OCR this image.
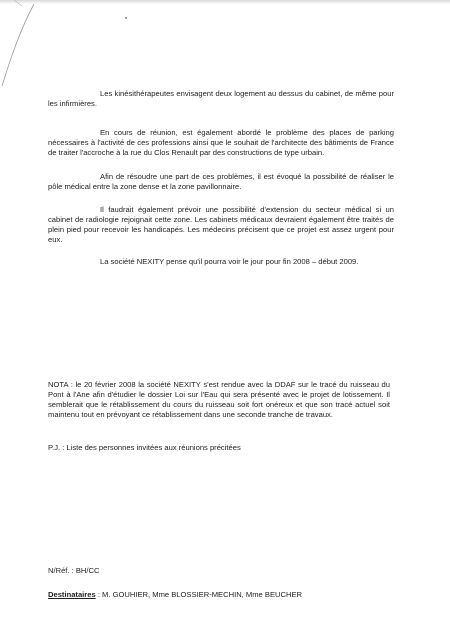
Les kinésithérapeutes envisagent deux logement au dessus du cabinet, de même pour les infirmières.

En cours de réunion, est également abordé le problème des places de parking nécessaires à l'activité de ces professions ainsi que le souhait de l'architecte des bâtiments de France de traiter l'accroche à la rue du Clos Renault par des constructions de type urbain.

Afin de résoudre une part de ces problèmes, il est évoqué la possibilité de réaliser le pôle médical entre la zone dense et la zone pavillonnaire.

Il faudrait également prévoir une possibilité d'extension du secteur médical si un cabinet de radiologie rejoignait cette zone. Les cabinets médicaux devraient également être traités de plein pied pour recevoir les handicapés. Les médecins précisent que ce projet est assez urgent pour eux.

La société NEXITY pense qu'il pourra voir le jour pour fin 2008 – début 2009.

NOTA : le 20 février 2008 la société NEXITY s'est rendue avec la DDAF sur le tracé du ruisseau du Pont à l'Ane afin d'étudier le dossier Loi sur l'Eau qui sera présenté avec le projet de lotissement. Il semblerait que le rétablissement du cours du ruisseau soit fort onéreux et que son tracé actuel soit maintenu tout en prévoyant ce rétablissement dans une seconde tranche de travaux.

P.J. : Liste des personnes invitées aux réunions précitées

N/Réf. : BH/CC

Destinataires : M. GOUHIER, Mme BLOSSIER-MECHIN, Mme BEUCHER
